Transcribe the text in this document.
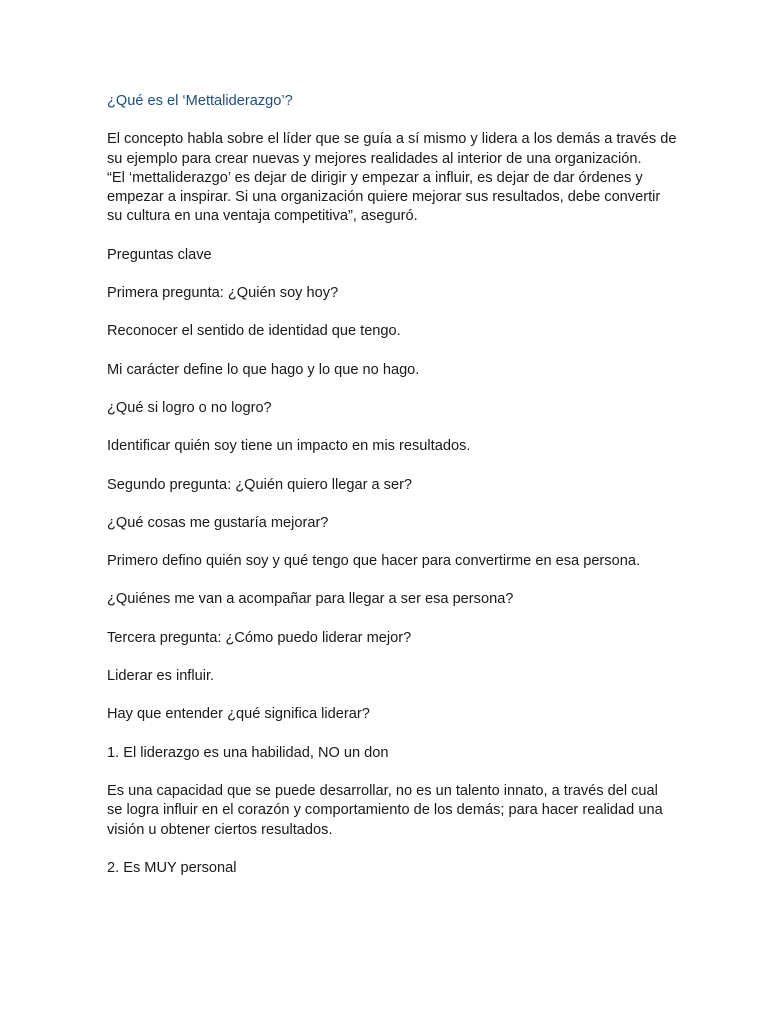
¿Qué es el ‘Mettaliderazgo’?

El concepto habla sobre el líder que se guía a sí mismo y lidera a los demás a través de su ejemplo para crear nuevas y mejores realidades al interior de una organización.

“El ‘mettaliderazgo’ es dejar de dirigir y empezar a influir, es dejar de dar órdenes y empezar a inspirar. Si una organización quiere mejorar sus resultados, debe convertir su cultura en una ventaja competitiva”, aseguró.

Preguntas clave

Primera pregunta: ¿Quién soy hoy?

Reconocer el sentido de identidad que tengo.

Mi carácter define lo que hago y lo que no hago.

¿Qué si logro o no logro?

Identificar quién soy tiene un impacto en mis resultados.

Segundo pregunta: ¿Quién quiero llegar a ser?

¿Qué cosas me gustaría mejorar?

Primero defino quién soy y qué tengo que hacer para convertirme en esa persona.

¿Quiénes me van a acompañar para llegar a ser esa persona?

Tercera pregunta: ¿Cómo puedo liderar mejor?

Liderar es influir.

Hay que entender ¿qué significa liderar?

1. El liderazgo es una habilidad, NO un don

Es una capacidad que se puede desarrollar, no es un talento innato, a través del cual se logra influir en el corazón y comportamiento de los demás; para hacer realidad una visión u obtener ciertos resultados.

2. Es MUY personal
